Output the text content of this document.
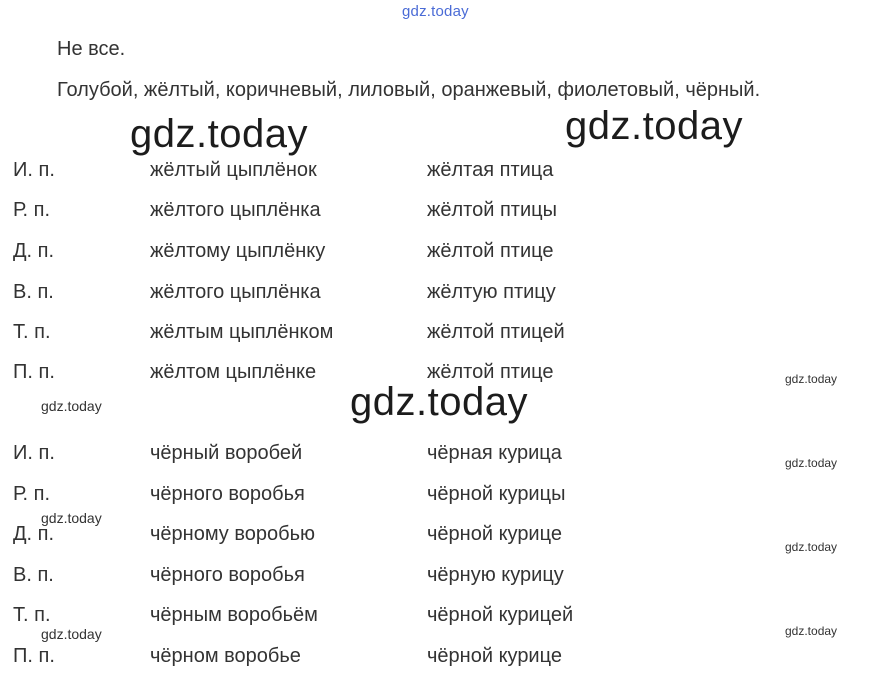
gdz.today
Не все.
Голубой, жёлтый, коричневый, лиловый, оранжевый, фиолетовый, чёрный.
gdz.today	gdz.today
И. п.	жёлтый цыплёнок	жёлтая птица
Р. п.	жёлтого цыплёнка	жёлтой птицы
Д. п.	жёлтому цыплёнку	жёлтой птице
В. п.	жёлтого цыплёнка	жёлтую птицу
Т. п.	жёлтым цыплёнком	жёлтой птицей
П. п.	жёлтом цыплёнке	жёлтой птице	gdz.today
gdz.today	gdz.today
И. п.	чёрный воробей	чёрная курица
Р. п.	чёрного воробья	чёрной курицы
Д. п.	чёрному воробью	чёрной курице
В. п.	чёрного воробья	чёрную курицу
Т. п.	чёрным воробьём	чёрной курицей
П. п.	чёрном воробье	чёрной курице
gdz.today
gdz.today
gdz.today
gdz.today
gdz.today
